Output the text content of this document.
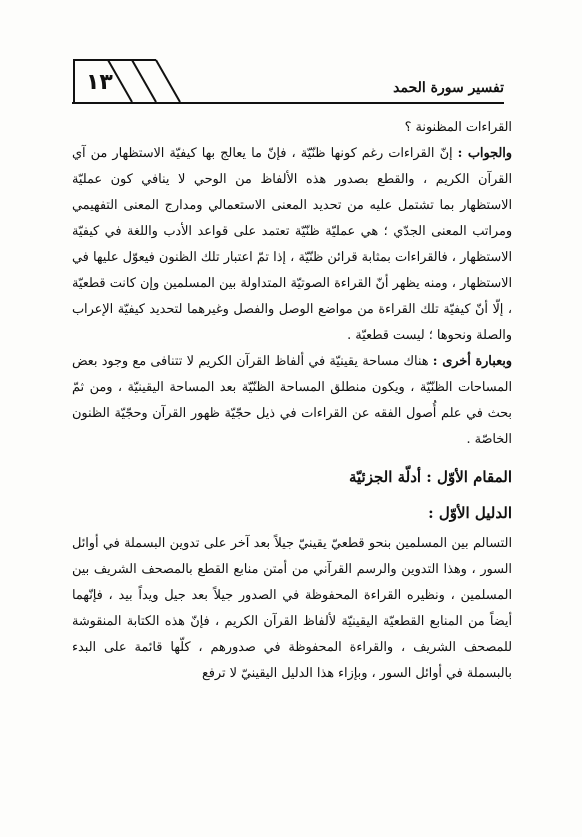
١٣	تفسير سورة الحمد

القراءات المظنونة ؟

والجواب : إنّ القراءات رغم كونها ظنّيّة ، فإنّ ما يعالج بها كيفيّة الاستظهار من آي القرآن الكريم ، والقطع بصدور هذه الألفاظ من الوحي لا ينافي كون عمليّة الاستظهار بما تشتمل عليه من تحديد المعنى الاستعمالي ومدارج المعنى التفهيمي ومراتب المعنى الجدّي ؛ هي عمليّة ظنّيّة تعتمد على قواعد الأدب واللغة في كيفيّة الاستظهار ، فالقراءات بمثابة قرائن ظنّيّة ، إذا تمّ اعتبار تلك الظنون فيعوّل عليها في الاستظهار ، ومنه يظهر أنّ القراءة الصوتيّة المتداولة بين المسلمين وإن كانت قطعيّة ، إلّا أنّ كيفيّة تلك القراءة من مواضع الوصل والفصل وغيرهما لتحديد كيفيّة الإعراب والصلة ونحوها ؛ ليست قطعيّة .

وبعبارة أخرى : هناك مساحة يقينيّة في ألفاظ القرآن الكريم لا تتنافى مع وجود بعض المساحات الظنّيّة ، ويكون منطلق المساحة الظنّيّة بعد المساحة اليقينيّة ، ومن ثمّ بحث في علم أُصول الفقه عن القراءات في ذيل حجّيّة ظهور القرآن وحجّيّة الظنون الخاصّة .

المقام الأوّل : أدلّة الجزئيّة

الدليل الأوّل :

التسالم بين المسلمين بنحو قطعيّ يقينيّ جيلاً بعد آخر على تدوين البسملة في أوائل السور ، وهذا التدوين والرسم القرآني من أمتن منابع القطع بالمصحف الشريف بين المسلمين ، ونظيره القراءة المحفوظة في الصدور جيلاً بعد جيل ويداً بيد ، فإنّهما أيضاً من المنابع القطعيّة اليقينيّة لألفاظ القرآن الكريم ، فإنّ هذه الكتابة المنقوشة للمصحف الشريف ، والقراءة المحفوظة في صدورهم ، كلّها قائمة على البدء بالبسملة في أوائل السور ، وبإزاء هذا الدليل اليقينيّ لا ترفع
